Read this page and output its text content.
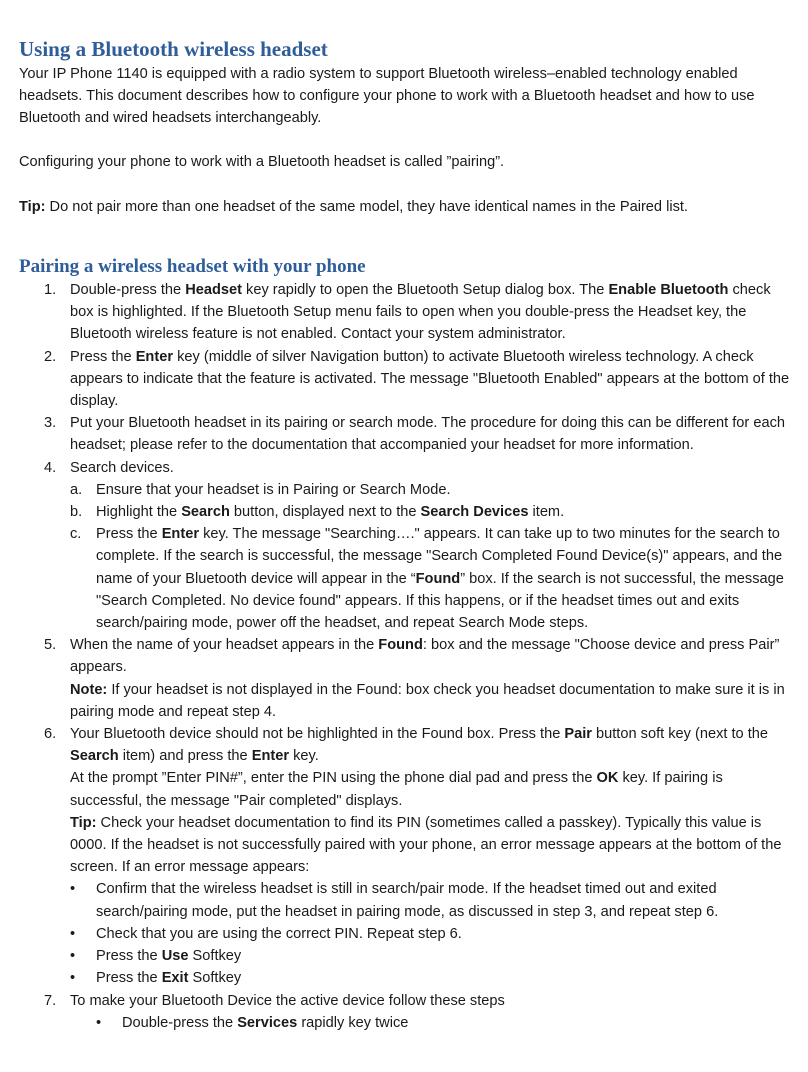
Using a Bluetooth wireless headset

Your IP Phone 1140 is equipped with a radio system to support Bluetooth wireless–enabled technology enabled headsets. This document describes how to configure your phone to work with a Bluetooth headset and how to use Bluetooth and wired headsets interchangeably.

Configuring your phone to work with a Bluetooth headset is called ”pairing”.

Tip: Do not pair more than one headset of the same model, they have identical names in the Paired list.

Pairing a wireless headset with your phone
1. Double-press the Headset key rapidly to open the Bluetooth Setup dialog box. The Enable Bluetooth check box is highlighted. If the Bluetooth Setup menu fails to open when you double-press the Headset key, the Bluetooth wireless feature is not enabled. Contact your system administrator.
2. Press the Enter key (middle of silver Navigation button) to activate Bluetooth wireless technology. A check appears to indicate that the feature is activated. The message "Bluetooth Enabled" appears at the bottom of the display.
3. Put your Bluetooth headset in its pairing or search mode. The procedure for doing this can be different for each headset; please refer to the documentation that accompanied your headset for more information.
4. Search devices.
a. Ensure that your headset is in Pairing or Search Mode.
b. Highlight the Search button, displayed next to the Search Devices item.
c. Press the Enter key. The message "Searching…." appears. It can take up to two minutes for the search to complete. If the search is successful, the message "Search Completed Found Device(s)" appears, and the name of your Bluetooth device will appear in the “Found” box. If the search is not successful, the message "Search Completed. No device found" appears. If this happens, or if the headset times out and exits search/pairing mode, power off the headset, and repeat Search Mode steps.
5. When the name of your headset appears in the Found: box and the message "Choose device and press Pair” appears.
Note: If your headset is not displayed in the Found: box check you headset documentation to make sure it is in pairing mode and repeat step 4.
6. Your Bluetooth device should not be highlighted in the Found box. Press the Pair button soft key (next to the Search item) and press the Enter key.
At the prompt ”Enter PIN#”, enter the PIN using the phone dial pad and press the OK key. If pairing is successful, the message "Pair completed" displays.
Tip: Check your headset documentation to find its PIN (sometimes called a passkey). Typically this value is 0000. If the headset is not successfully paired with your phone, an error message appears at the bottom of the screen. If an error message appears:
• Confirm that the wireless headset is still in search/pair mode. If the headset timed out and exited search/pairing mode, put the headset in pairing mode, as discussed in step 3, and repeat step 6.
• Check that you are using the correct PIN. Repeat step 6.
• Press the Use Softkey
• Press the Exit Softkey
7. To make your Bluetooth Device the active device follow these steps
• Double-press the Services rapidly key twice
